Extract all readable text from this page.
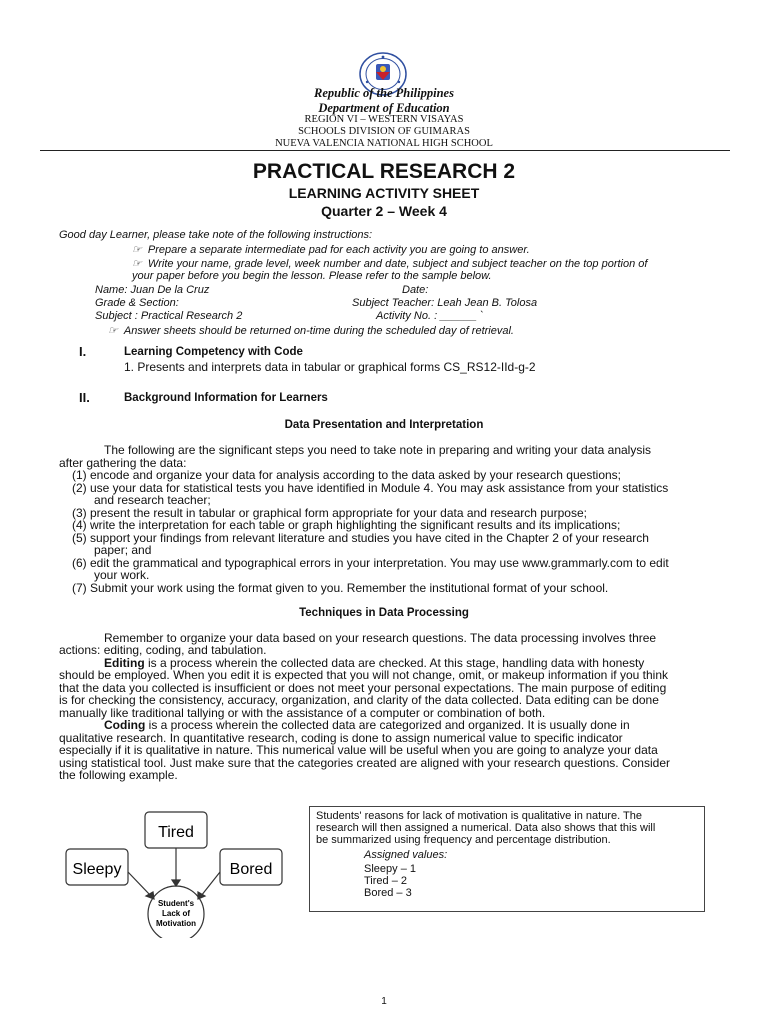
Republic of the Philippines
Department of Education
REGION VI – WESTERN VISAYAS
SCHOOLS DIVISION OF GUIMARAS
NUEVA VALENCIA NATIONAL HIGH SCHOOL
PRACTICAL RESEARCH 2
LEARNING ACTIVITY SHEET
Quarter 2 – Week 4
Good day Learner, please take note of the following instructions:
☞ Prepare a separate intermediate pad for each activity you are going to answer.
☞ Write your name, grade level, week number and date, subject and subject teacher on the top portion of
your paper before you begin the lesson. Please refer to the sample below.
Name: Juan De la Cruz	Date:
Grade & Section:	Subject Teacher: Leah Jean B. Tolosa
Subject : Practical Research 2	Activity No. : ______ `
☞ Answer sheets should be returned on-time during the scheduled day of retrieval.
I.	Learning Competency with Code
1. Presents and interprets data in tabular or graphical forms CS_RS12-IId-g-2
II.	Background Information for Learners
Data Presentation and Interpretation
The following are the significant steps you need to take note in preparing and writing your data analysis
after gathering the data:
(1) encode and organize your data for analysis according to the data asked by your research questions;
(2) use your data for statistical tests you have identified in Module 4. You may ask assistance from your statistics
and research teacher;
(3) present the result in tabular or graphical form appropriate for your data and research purpose;
(4) write the interpretation for each table or graph highlighting the significant results and its implications;
(5) support your findings from relevant literature and studies you have cited in the Chapter 2 of your research
paper; and
(6) edit the grammatical and typographical errors in your interpretation. You may use www.grammarly.com to edit
your work.
(7) Submit your work using the format given to you. Remember the institutional format of your school.
Techniques in Data Processing
Remember to organize your data based on your research questions. The data processing involves three
actions: editing, coding, and tabulation.
Editing is a process wherein the collected data are checked. At this stage, handling data with honesty
should be employed. When you edit it is expected that you will not change, omit, or makeup information if you think
that the data you collected is insufficient or does not meet your personal expectations. The main purpose of editing
is for checking the consistency, accuracy, organization, and clarity of the data collected. Data editing can be done
manually like traditional tallying or with the assistance of a computer or combination of both.
Coding is a process wherein the collected data are categorized and organized. It is usually done in
qualitative research. In quantitative research, coding is done to assign numerical value to specific indicator
especially if it is qualitative in nature. This numerical value will be useful when you are going to analyze your data
using statistical tool. Just make sure that the categories created are aligned with your research questions. Consider
the following example.
Tired
Sleepy	Bored
Student's
Lack of
Motivation
Students' reasons for lack of motivation is qualitative in nature. The
research will then assigned a numerical. Data also shows that this will
be summarized using frequency and percentage distribution.
Assigned values:
Sleepy – 1
Tired – 2
Bored – 3
1
